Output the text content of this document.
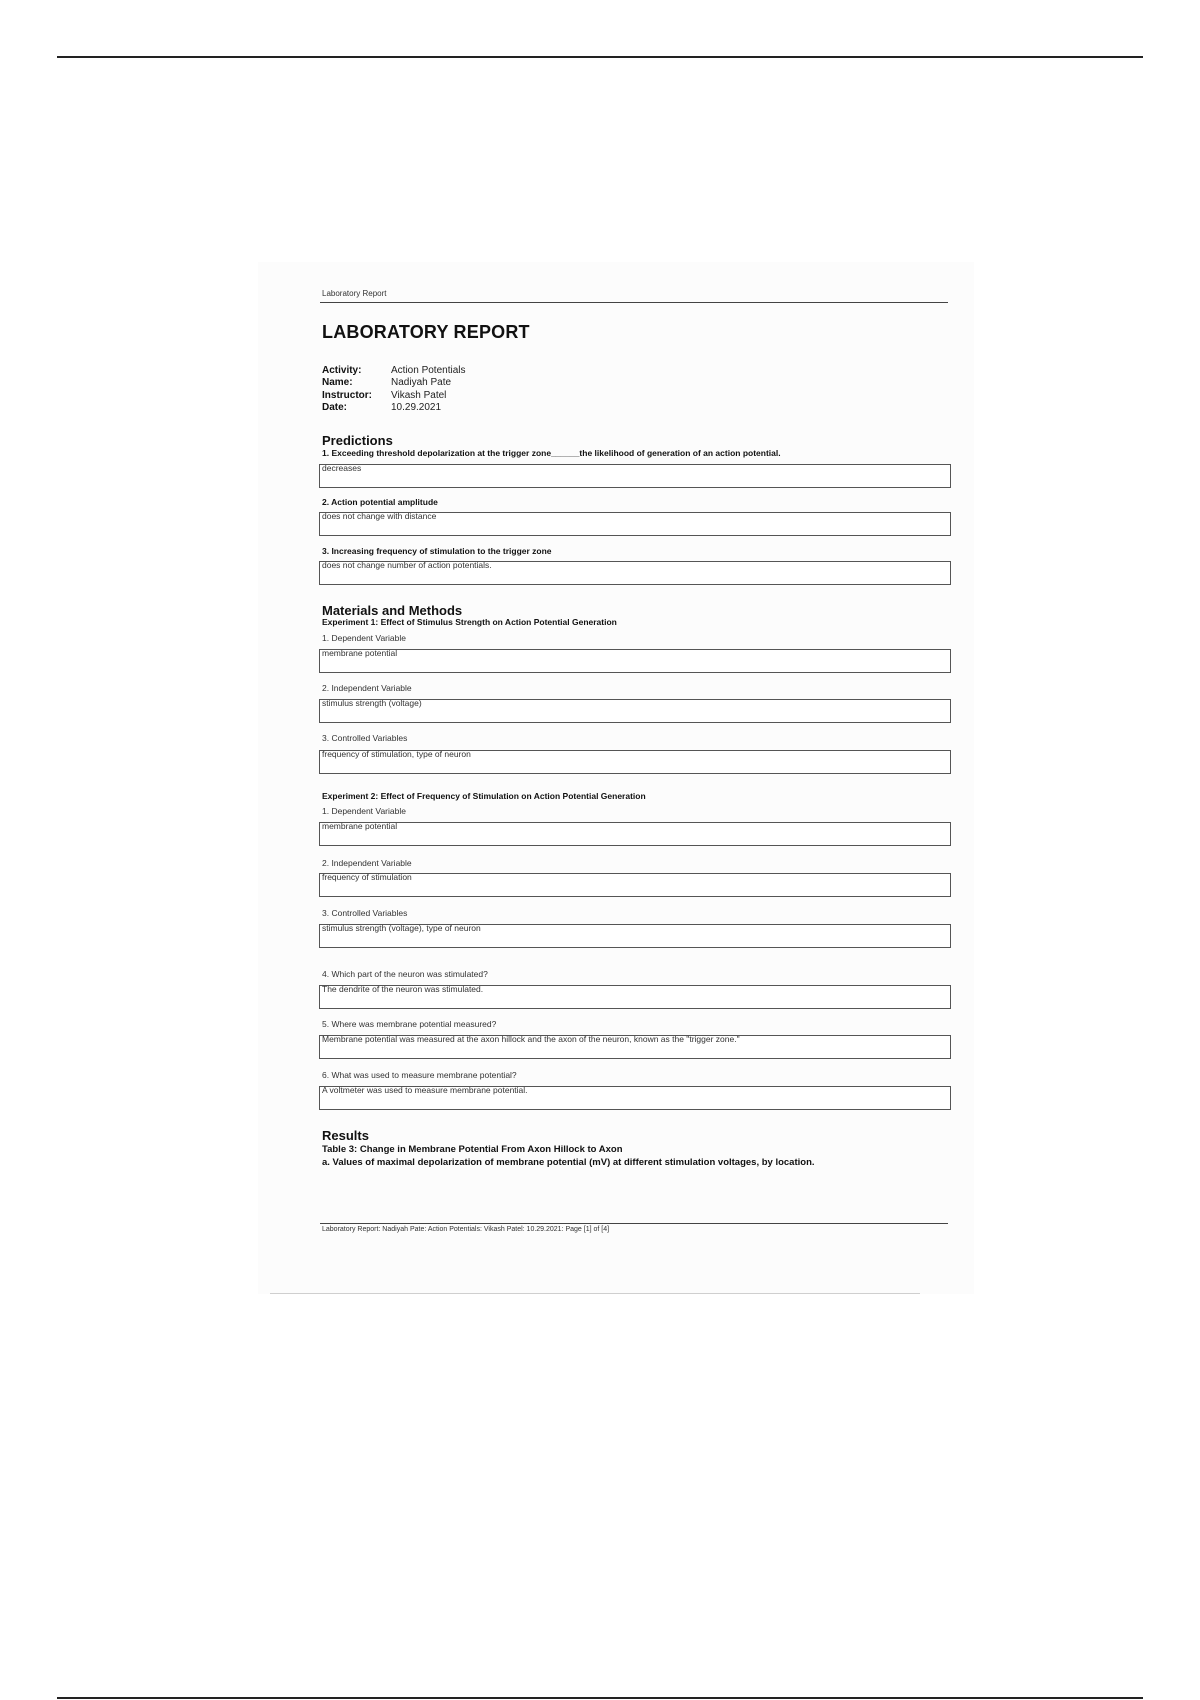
Laboratory Report
LABORATORY REPORT
Activity:	Action Potentials
Name:	Nadiyah Pate
Instructor: Vikash Patel
Date:	10.29.2021
Predictions
1. Exceeding threshold depolarization at the trigger zone______the likelihood of generation of an action potential.
decreases
2. Action potential amplitude
does not change with distance
3. Increasing frequency of stimulation to the trigger zone
does not change number of action potentials.
Materials and Methods
Experiment 1: Effect of Stimulus Strength on Action Potential Generation
1. Dependent Variable
membrane potential
2. Independent Variable
stimulus strength (voltage)
3. Controlled Variables
frequency of stimulation, type of neuron
Experiment 2: Effect of Frequency of Stimulation on Action Potential Generation
1. Dependent Variable
membrane potential
2. Independent Variable
frequency of stimulation
3. Controlled Variables
stimulus strength (voltage), type of neuron
4. Which part of the neuron was stimulated?
The dendrite of the neuron was stimulated.
5. Where was membrane potential measured?
Membrane potential was measured at the axon hillock and the axon of the neuron, known as the "trigger zone."
6. What was used to measure membrane potential?
A voltmeter was used to measure membrane potential.
Results
Table 3: Change in Membrane Potential From Axon Hillock to Axon
a. Values of maximal depolarization of membrane potential (mV) at different stimulation voltages, by location.
Laboratory Report: Nadiyah Pate: Action Potentials: Vikash Patel: 10.29.2021: Page [1] of [4]
